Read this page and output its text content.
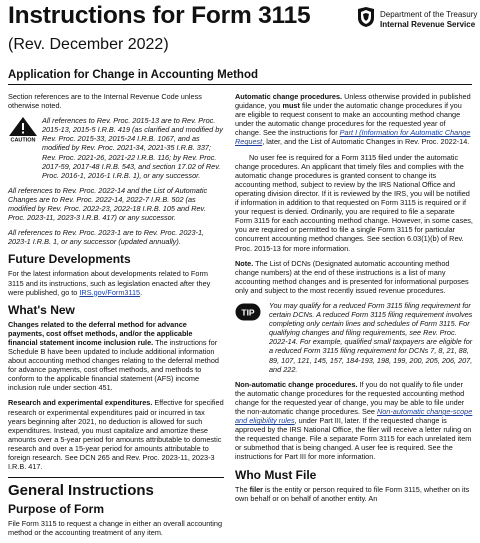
Instructions for Form 3115
(Rev. December 2022)
Department of the Treasury
Internal Revenue Service
Application for Change in Accounting Method

Section references are to the Internal Revenue Code unless otherwise noted.

CAUTION

All references to Rev. Proc. 2015-13 are to Rev. Proc. 2015-13, 2015-5 I.R.B. 419 (as clarified and modified by Rev. Proc. 2015-33, 2015-24 I.R.B. 1067, and as modified by Rev. Proc. 2021-34, 2021-35 I.R.B. 337; Rev. Proc. 2021-26, 2021-22 I.R.B. 116; by Rev. Proc. 2017-59, 2017-48 I.R.B. 543, and section 17.02 of Rev. Proc. 2016-1, 2016-1 I.R.B. 1), or any successor.

All references to Rev. Proc. 2022-14 and the List of Automatic Changes are to Rev. Proc. 2022-14, 2022-7 I.R.B. 502 (as modified by Rev. Proc. 2022-23, 2022-18 I.R.B. 105 and Rev. Proc. 2023-11, 2023-3 I.R.B. 417) or any successor.

All references to Rev. Proc. 2023-1 are to Rev. Proc. 2023-1, 2023-1 I.R.B. 1, or any successor (updated annually).

Future Developments

For the latest information about developments related to Form 3115 and its instructions, such as legislation enacted after they were published, go to IRS.gov/Form3115.

What's New

Changes related to the deferral method for advance payments, cost offset methods, and/or the applicable financial statement income inclusion rule. The instructions for Schedule B have been updated to include additional information about accounting method changes relating to the deferral method for advance payments, cost offset methods, and methods to conform to the applicable financial statement (AFS) income inclusion rule under section 451.

Research and experimental expenditures. Effective for specified research or experimental expenditures paid or incurred in tax years beginning after 2021, no deduction is allowed for such expenditures. Instead, you must capitalize and amortize these amounts over a 5-year period for amounts attributable to domestic research and over a 15-year period for amounts attributable to foreign research. See DCN 265 and Rev. Proc. 2023-11, 2023-3 I.R.B. 417.

General Instructions
Purpose of Form

File Form 3115 to request a change in either an overall accounting method or the accounting treatment of any item.

Automatic change procedures. Unless otherwise provided in published guidance, you must file under the automatic change procedures if you are eligible to request consent to make an accounting method change under the automatic change procedures for the requested year of change. See the instructions for Part I (Information for Automatic Change Request, later, and the List of Automatic Changes in Rev. Proc. 2022-14.

No user fee is required for a Form 3115 filed under the automatic change procedures. An applicant that timely files and complies with the automatic change procedures is granted consent to change its accounting method, subject to review by the IRS National Office and operating division director. If it is reviewed by the IRS, you will be notified if information in addition to that requested on Form 3115 is required or if your request is denied. Ordinarily, you are required to file a separate Form 3115 for each accounting method change. However, in some cases, you are required or permitted to file a single Form 3115 for particular concurrent accounting method changes. See section 6.03(1)(b) of Rev. Proc. 2015-13 for more information.

Note. The List of DCNs (Designated automatic accounting method change numbers) at the end of these instructions is a list of many accounting method changes and is presented for informational purposes only and subject to the most recently issued revenue procedures.

TIP

You may qualify for a reduced Form 3115 filing requirement for certain DCNs. A reduced Form 3115 filing requirement involves completing only certain lines and schedules of Form 3115. For qualifying changes and filing requirements, see Rev. Proc. 2022-14. For example, qualified small taxpayers are eligible for a reduced Form 3115 filing requirement for DCNs 7, 8, 21, 88, 89, 107, 121, 145, 157, 184-193, 198, 199, 200, 205, 206, 207, and 222.

Non-automatic change procedures. If you do not qualify to file under the automatic change procedures for the requested accounting method change for the requested year of change, you may be able to file under the non-automatic change procedures. See Non-automatic change-scope and eligibility rules, under Part III, later. If the requested change is approved by the IRS National Office, the filer will receive a letter ruling on the requested change. File a separate Form 3115 for each unrelated item or submethod that is being changed. A user fee is required. See the instructions for Part III for more information.

Who Must File

The filer is the entity or person required to file Form 3115, whether on its own behalf or on behalf of another entity. An
